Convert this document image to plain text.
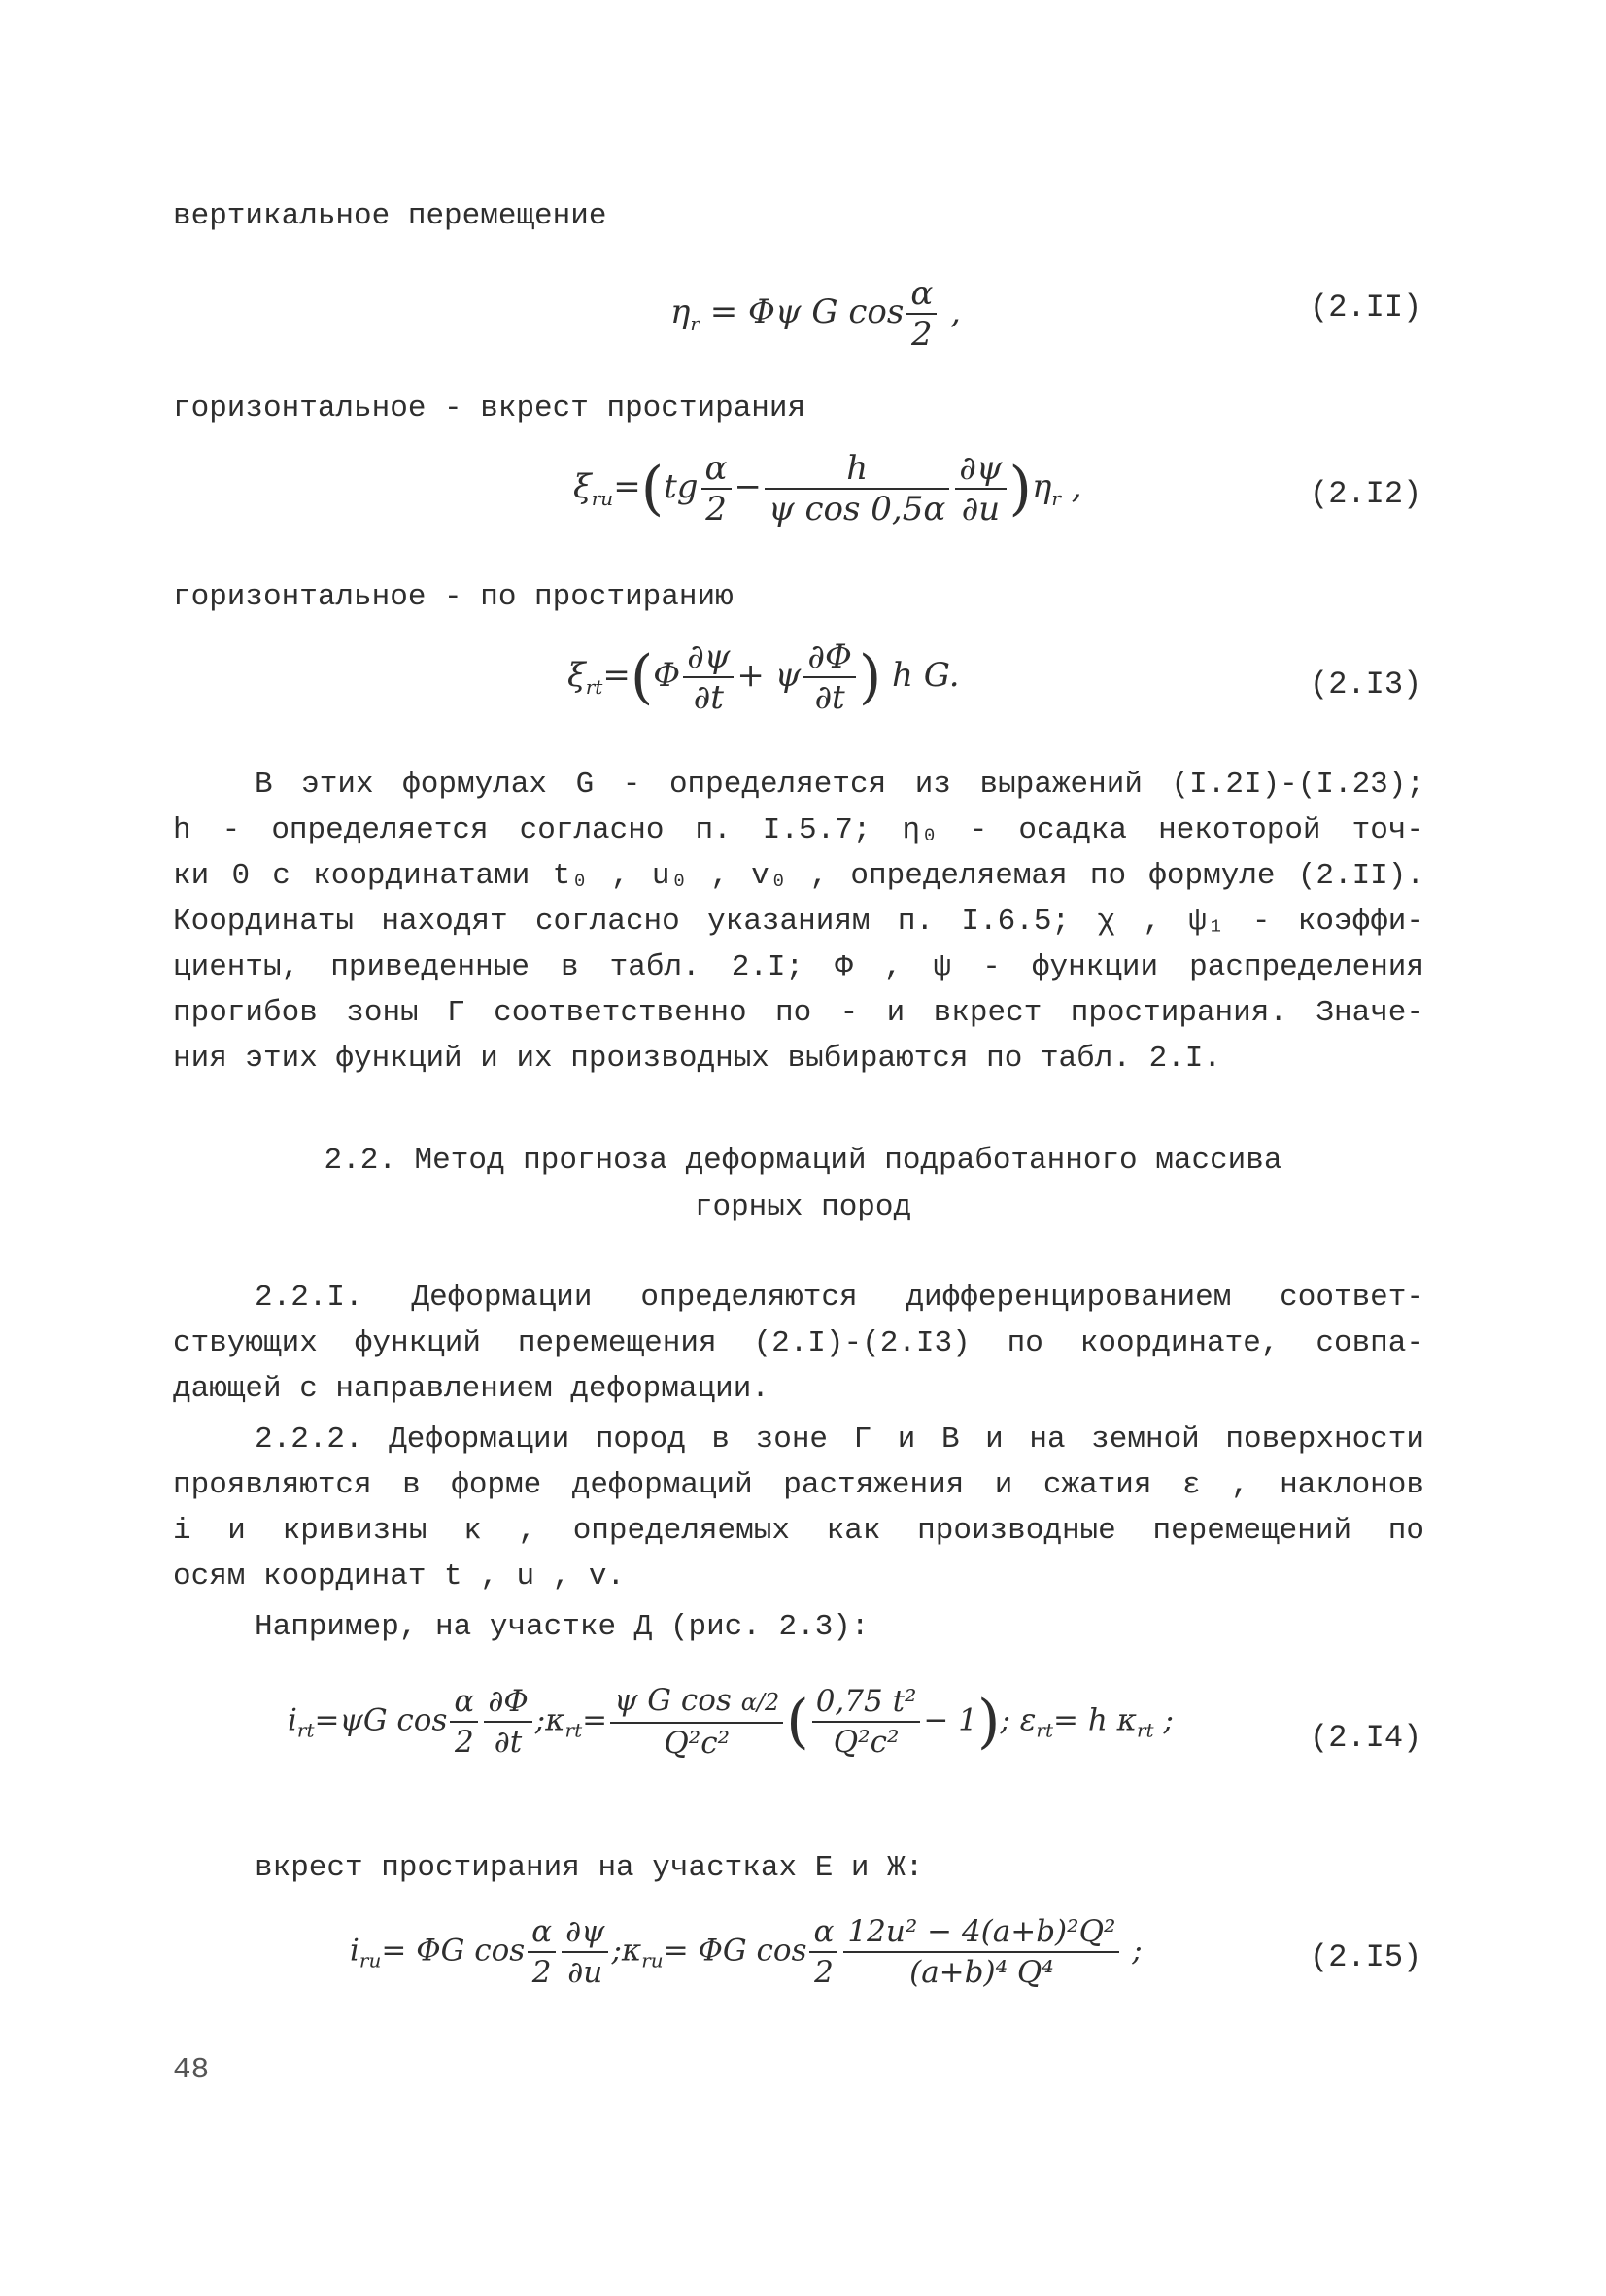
вертикальное перемещение
$\eta_r = \Phi\psi$ G $\cos \frac{\alpha}{2}$ ,	(2.II)
горизонтальное - вкрест простирания
$\xi_{ru}=(tg \frac{\alpha}{2} - \frac{h}{\text{ψ cos 0,5α}} \frac{\partial\psi}{\partial u} )\eta_r$ ,	(2.I2)
горизонтальное - по простиранию
$\xi_{rt}=(\Phi \frac{\partial\psi}{\partial t} + \psi \frac{\partial\Phi}{\partial t}$ ) h G.	(2.I3)
В этих формулах G - определяется из выражений (I.2I)-(I.23);
h - определяется согласно п. I.5.7; η₀ - осадка некоторой точ-
ки 0 с координатами t₀ , u₀ , v₀ , определяемая по формуле (2.II).
Координаты находят согласно указаниям п. I.6.5; χ , ψ₁ - коэффи-
циенты, приведенные в табл. 2.I; Φ , ψ - функции распределения
прогибов зоны Г соответственно по - и вкрест простирания. Значе-
ния этих функций и их производных выбираются по табл. 2.I.
2.2. Метод прогноза деформаций подработанного массива
горных пород
2.2.I. Деформации определяются дифференцированием соответ-
ствующих функций перемещения (2.I)-(2.I3) по координате, совпа-
дающей с направлением деформации.
2.2.2. Деформации пород в зоне Г и В и на земной поверхности
проявляются в форме деформаций растяжения и сжатия ε , наклонов
i и кривизны κ , определяемых как производные перемещений по
осям координат t , u , v.
Например, на участке Д (рис. 2.3):
$i_{rt}=\psi G$ $\cos \frac{\alpha}{2} \frac{\partial\Phi}{\partial t}$ $;\kappa_{rt}= \frac{\text{ψ G cos α/2}}{\text{Q²c²}}$ ( $\frac{\text{0,75 t²}}{\text{Q²c²}} - 1$); $\varepsilon_{rt}= h$ $\kappa_{rt}$ ;	(2.I4)
вкрест простирания на участках Е и Ж:
$i_{ru}= \Phi G$ $\cos \frac{\alpha}{2} \frac{\partial\psi}{\partial u}$ $;\kappa_{ru}= \Phi G$ $\cos \frac{\alpha}{2} \frac{\text{12u² − 4(a+b)²Q²}}{\text{(a+b)⁴ Q⁴}}$ ;	(2.I5)
48
